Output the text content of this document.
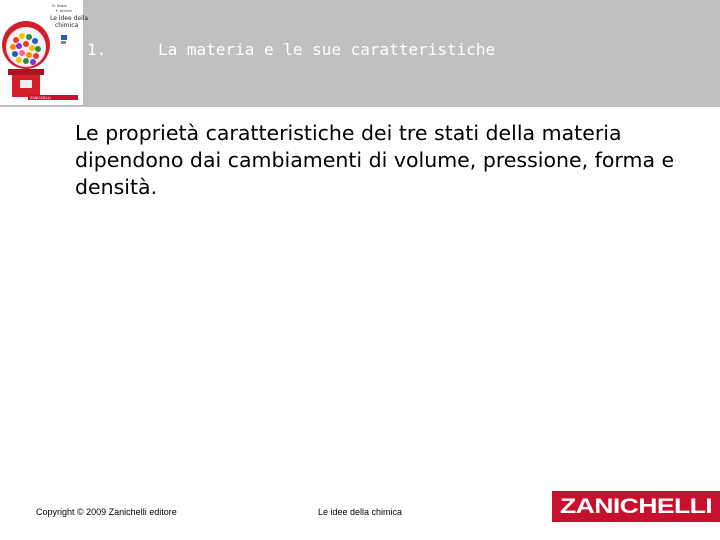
D. Nobis
P. Arduini
Le idee della
chimica
ZANICHELLI
1.	La materia e le sue caratteristiche
Le proprietà caratteristiche dei tre stati della materia dipendono dai cambiamenti di volume, pressione, forma e densità.
Copyright © 2009 Zanichelli editore	Le idee della chimica	ZANICHELLI
